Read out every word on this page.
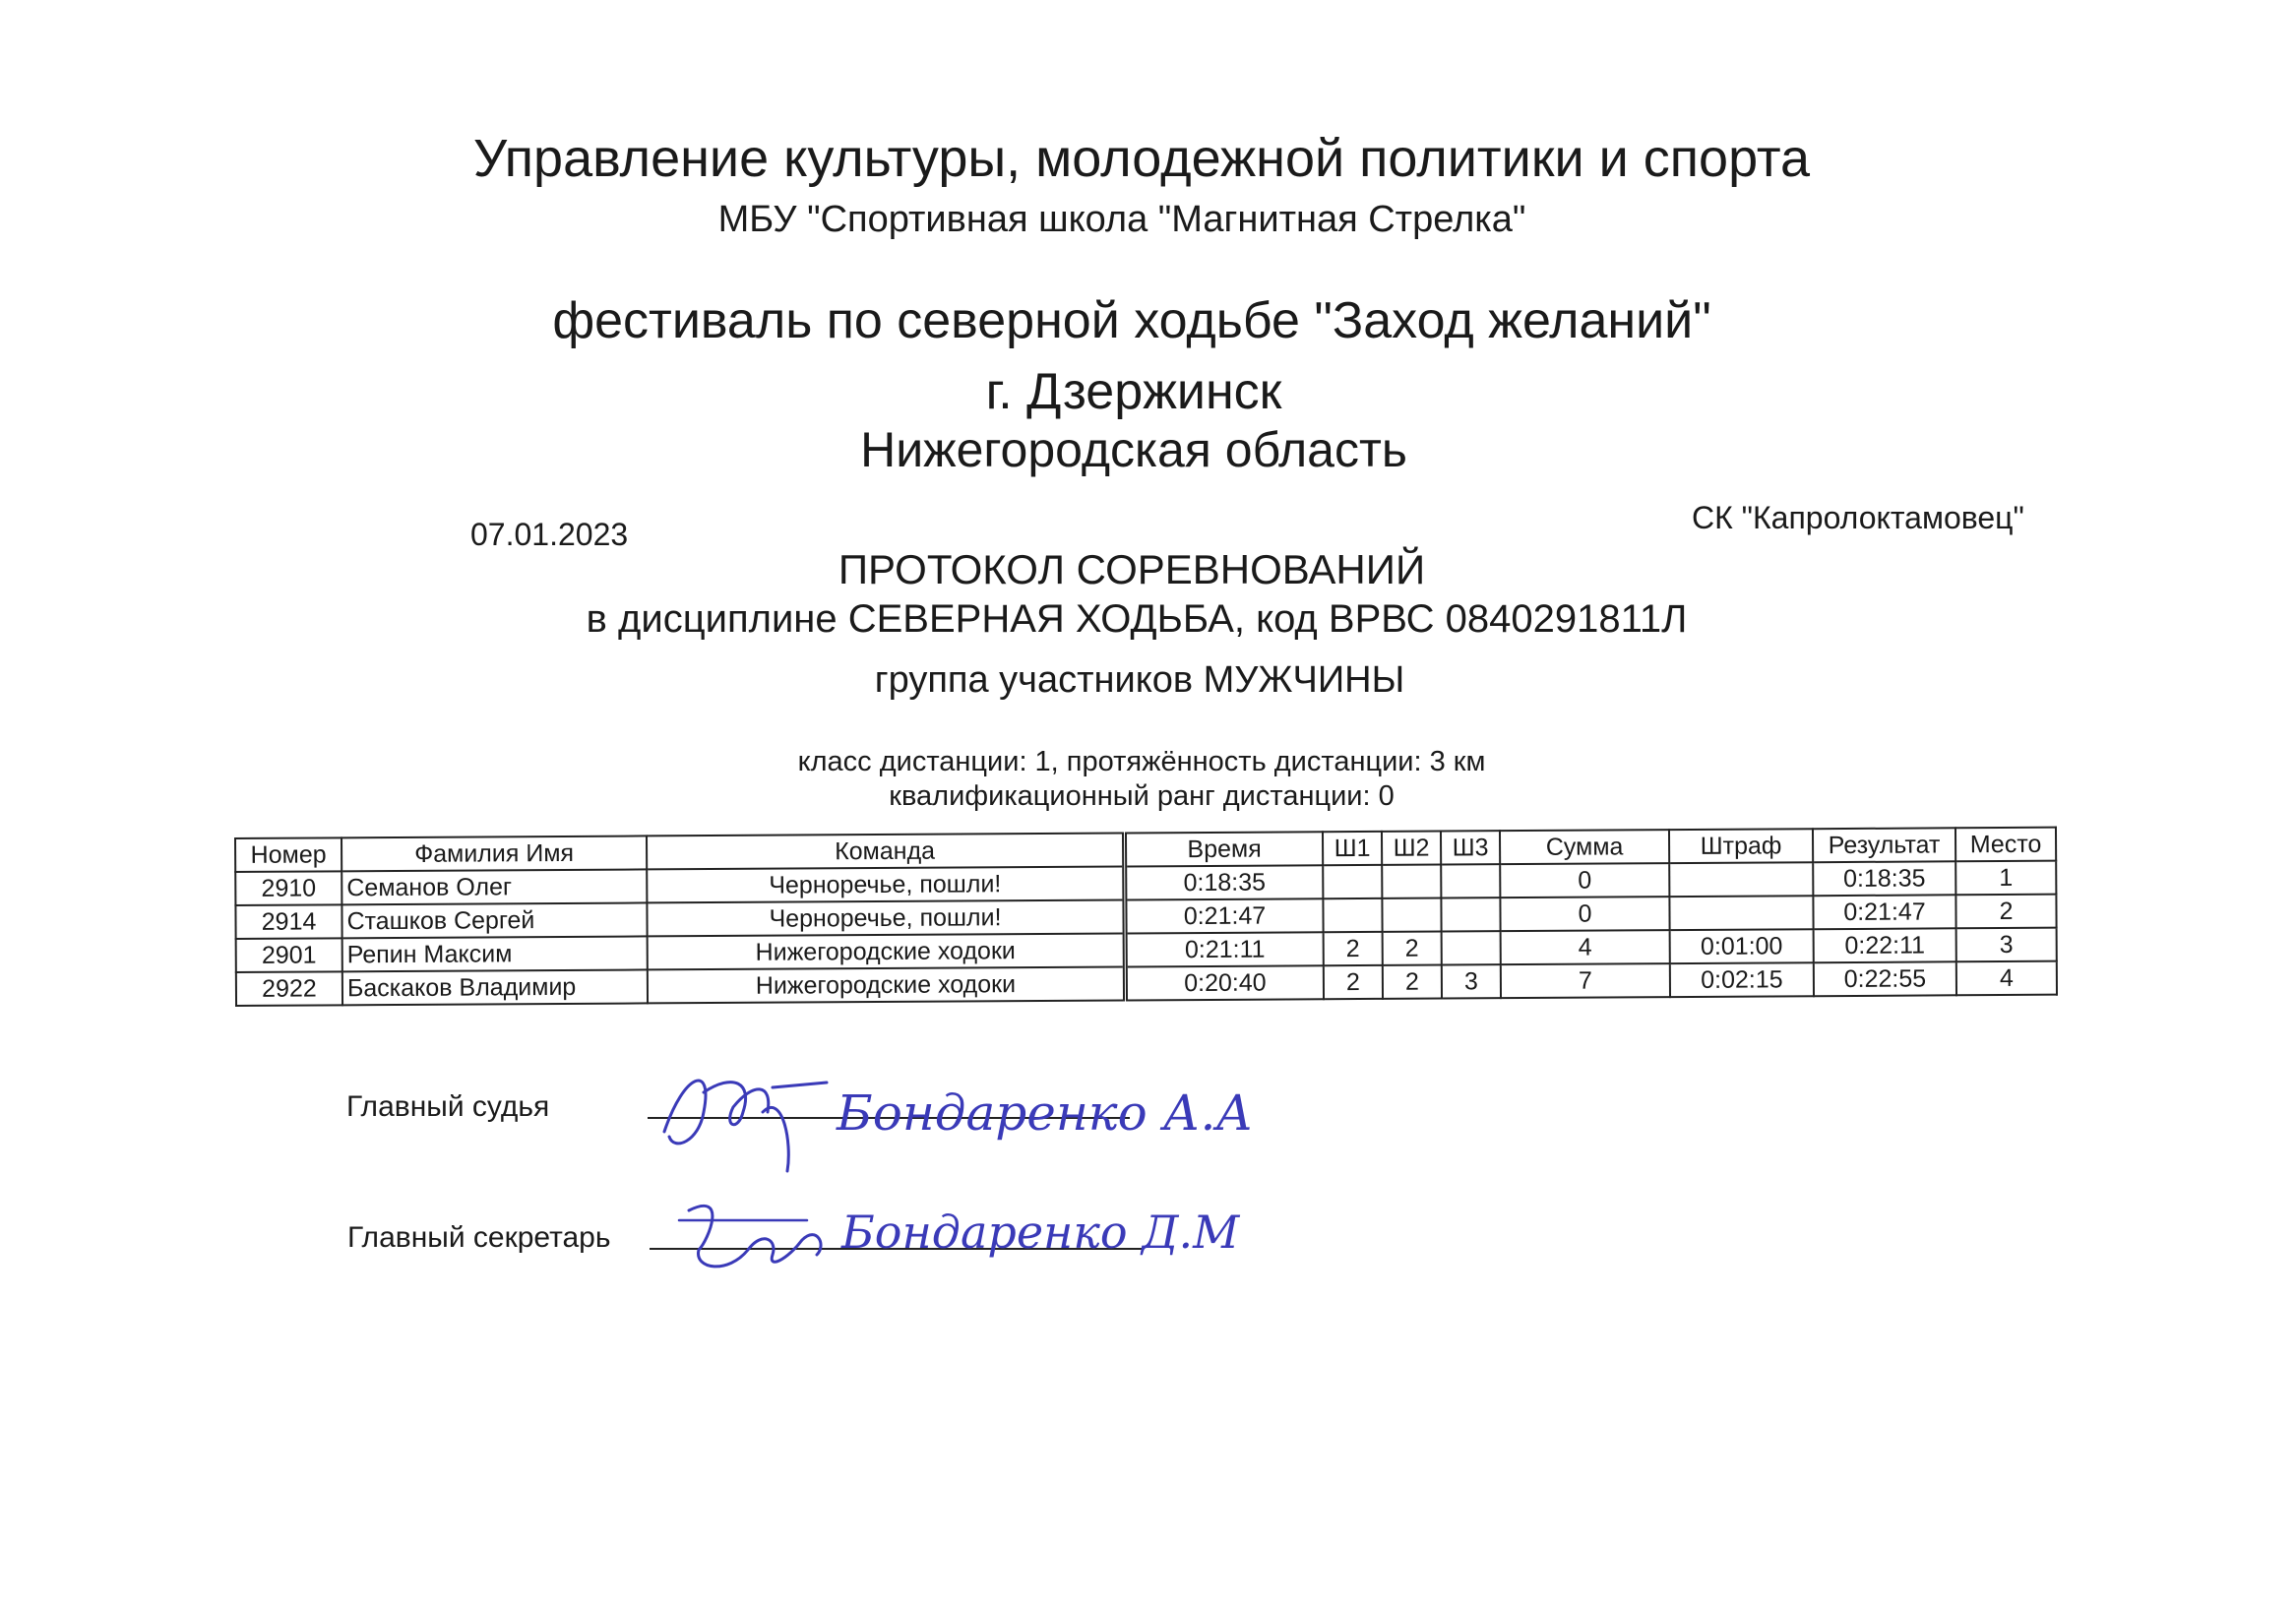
Управление культуры, молодежной политики и спорта
МБУ "Спортивная школа "Магнитная Стрелка"
фестиваль по северной ходьбе "Заход желаний"
г. Дзержинск
Нижегородская область
07.01.2023	СК "Капролоктамовец"
ПРОТОКОЛ СОРЕВНОВАНИЙ
в дисциплине СЕВЕРНАЯ ХОДЬБА, код ВРВС 0840291811Л
группа участников МУЖЧИНЫ
класс дистанции: 1, протяжённость дистанции: 3 км
квалификационный ранг дистанции: 0
Номер	Фамилия Имя	Команда	Время	Ш1	Ш2	Ш3	Сумма	Штраф	Результат	Место
2910	Семанов Олег	Черноречье, пошли!	0:18:35				0		0:18:35	1
2914	Сташков Сергей	Черноречье, пошли!	0:21:47				0		0:21:47	2
2901	Репин Максим	Нижегородские ходоки	0:21:11	2	2		4	0:01:00	0:22:11	3
2922	Баскаков Владимир	Нижегородские ходоки	0:20:40	2	2	3	7	0:02:15	0:22:55	4
Главный судья	Бондаренко А.А
Главный секретарь	Бондаренко Д.М
